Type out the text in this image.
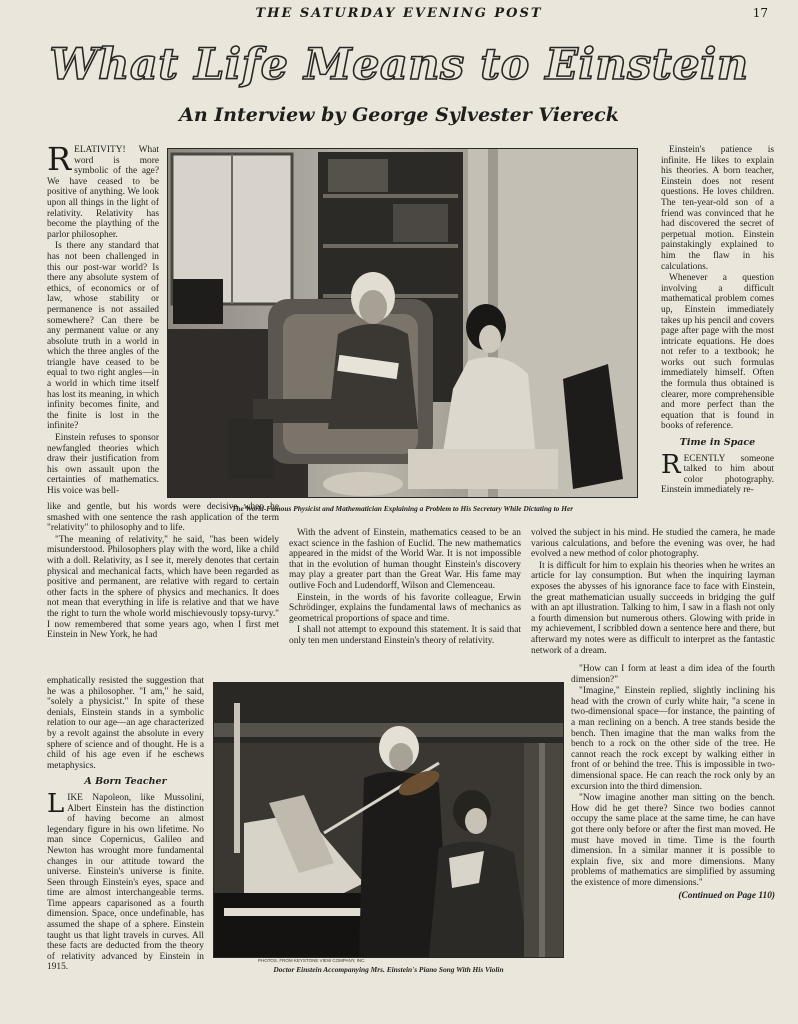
THE SATURDAY EVENING POST	17
What Life Means to Einstein
An Interview by George Sylvester Viereck

RELATIVITY! What word is more symbolic of the age? We have ceased to be positive of anything. We look upon all things in the light of relativity. Relativity has become the plaything of the parlor philosopher.

Is there any standard that has not been challenged in this our post-war world? Is there any absolute system of ethics, of economics or of law, whose stability or permanence is not assailed somewhere? Can there be any permanent value or any absolute truth in a world in which the three angles of the triangle have ceased to be equal to two right angles—in a world in which time itself has lost its meaning, in which infinity becomes finite, and the finite is lost in the infinite?

Einstein refuses to sponsor newfangled theories which draw their justification from his own assault upon the certainties of mathematics. His voice was bell-

The World-Famous Physicist and Mathematician Explaining a Problem to His Secretary While Dictating to Her

Einstein's patience is infinite. He likes to explain his theories. A born teacher, Einstein does not resent questions. He loves children. The ten-year-old son of a friend was convinced that he had discovered the secret of perpetual motion. Einstein painstakingly explained to him the flaw in his calculations.

Whenever a question involving a difficult mathematical problem comes up, Einstein immediately takes up his pencil and covers page after page with the most intricate equations. He does not refer to a textbook; he works out such formulas immediately himself. Often the formula thus obtained is clearer, more comprehensible and more perfect than the equation that is found in books of reference.

Time in Space

RECENTLY someone talked to him about color photography. Einstein immediately re-

like and gentle, but his words were decisive when he smashed with one sentence the rash application of the term "relativity" to philosophy and to life.

"The meaning of relativity," he said, "has been widely misunderstood. Philosophers play with the word, like a child with a doll. Relativity, as I see it, merely denotes that certain physical and mechanical facts, which have been regarded as positive and permanent, are relative with regard to certain other facts in the sphere of physics and mechanics. It does not mean that everything in life is relative and that we have the right to turn the whole world mischievously topsy-turvy." I now remembered that some years ago, when I first met Einstein in New York, he had

With the advent of Einstein, mathematics ceased to be an exact science in the fashion of Euclid. The new mathematics appeared in the midst of the World War. It is not impossible that in the evolution of human thought Einstein's discovery may play a greater part than the Great War. His fame may outlive Foch and Ludendorff, Wilson and Clemenceau.

Einstein, in the words of his favorite colleague, Erwin Schrödinger, explains the fundamental laws of mechanics as geometrical proportions of space and time.

I shall not attempt to expound this statement. It is said that only ten men understand Einstein's theory of relativity.

volved the subject in his mind. He studied the camera, he made various calculations, and before the evening was over, he had evolved a new method of color photography.

It is difficult for him to explain his theories when he writes an article for lay consumption. But when the inquiring layman exposes the abysses of his ignorance face to face with Einstein, the great mathematician usually succeeds in bridging the gulf with an apt illustration. Talking to him, I saw in a flash not only a fourth dimension but numerous others. Glowing with pride in my achievement, I scribbled down a sentence here and there, but afterward my notes were as difficult to interpret as the fantastic network of a dream.

emphatically resisted the suggestion that he was a philosopher. "I am," he said, "solely a physicist." In spite of these denials, Einstein stands in a symbolic relation to our age—an age characterized by a revolt against the absolute in every sphere of science and of thought. He is a child of his age even if he eschews metaphysics.

A Born Teacher

LIKE Napoleon, like Mussolini, Albert Einstein has the distinction of having become an almost legendary figure in his own lifetime. No man since Copernicus, Galileo and Newton has wrought more fundamental changes in our attitude toward the universe. Einstein's universe is finite. Seen through Einstein's eyes, space and time are almost interchangeable terms. Time appears caparisoned as a fourth dimension. Space, once undefinable, has assumed the shape of a sphere. Einstein taught us that light travels in curves. All these facts are deducted from the theory of relativity advanced by Einstein in 1915.

PHOTOS. FROM KEYSTONE VIEW COMPANY, INC.
Doctor Einstein Accompanying Mrs. Einstein's Piano Song With His Violin

"How can I form at least a dim idea of the fourth dimension?"

"Imagine," Einstein replied, slightly inclining his head with the crown of curly white hair, "a scene in two-dimensional space—for instance, the painting of a man reclining on a bench. A tree stands beside the bench. Then imagine that the man walks from the bench to a rock on the other side of the tree. He cannot reach the rock except by walking either in front of or behind the tree. This is impossible in two-dimensional space. He can reach the rock only by an excursion into the third dimension.

"Now imagine another man sitting on the bench. How did he get there? Since two bodies cannot occupy the same place at the same time, he can have got there only before or after the first man moved. He must have moved in time. Time is the fourth dimension. In a similar manner it is possible to explain five, six and more dimensions. Many problems of mathematics are simplified by assuming the existence of more dimensions."

(Continued on Page 110)
